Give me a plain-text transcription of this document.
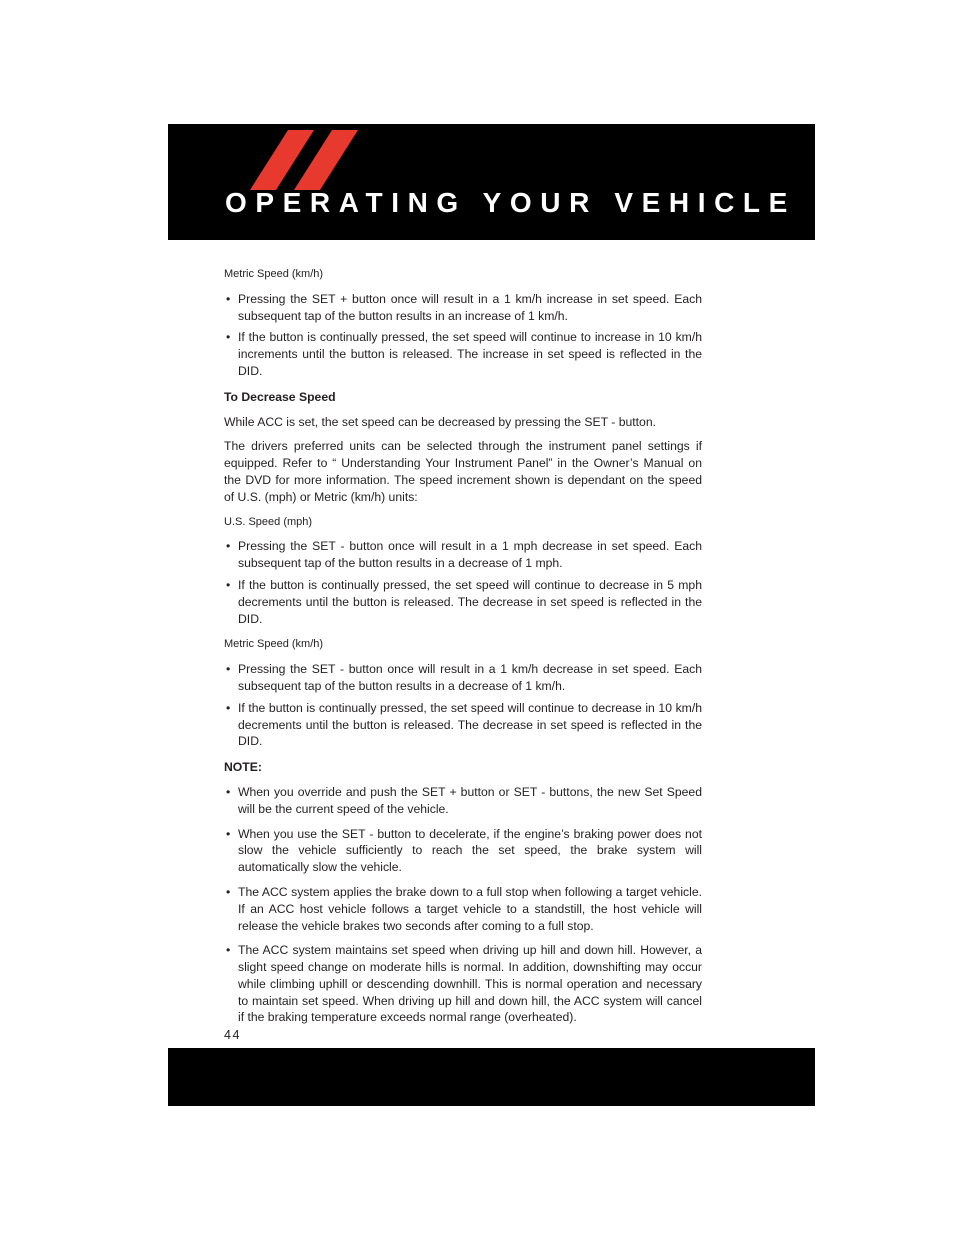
OPERATING YOUR VEHICLE
Metric Speed (km/h)
• Pressing the SET + button once will result in a 1 km/h increase in set speed. Each subsequent tap of the button results in an increase of 1 km/h.
• If the button is continually pressed, the set speed will continue to increase in 10 km/h increments until the button is released. The increase in set speed is reflected in the DID.
To Decrease Speed

While ACC is set, the set speed can be decreased by pressing the SET - button.

The drivers preferred units can be selected through the instrument panel settings if equipped. Refer to “ Understanding Your Instrument Panel” in the Owner’s Manual on the DVD for more information. The speed increment shown is dependant on the speed of U.S. (mph) or Metric (km/h) units:

U.S. Speed (mph)
• Pressing the SET - button once will result in a 1 mph decrease in set speed. Each subsequent tap of the button results in a decrease of 1 mph.
• If the button is continually pressed, the set speed will continue to decrease in 5 mph decrements until the button is released. The decrease in set speed is reflected in the DID.
Metric Speed (km/h)
• Pressing the SET - button once will result in a 1 km/h decrease in set speed. Each subsequent tap of the button results in a decrease of 1 km/h.
• If the button is continually pressed, the set speed will continue to decrease in 10 km/h decrements until the button is released. The decrease in set speed is reflected in the DID.
NOTE:
• When you override and push the SET + button or SET - buttons, the new Set Speed will be the current speed of the vehicle.
• When you use the SET - button to decelerate, if the engine’s braking power does not slow the vehicle sufficiently to reach the set speed, the brake system will automatically slow the vehicle.
• The ACC system applies the brake down to a full stop when following a target vehicle. If an ACC host vehicle follows a target vehicle to a standstill, the host vehicle will release the vehicle brakes two seconds after coming to a full stop.
• The ACC system maintains set speed when driving up hill and down hill. However, a slight speed change on moderate hills is normal. In addition, downshifting may occur while climbing uphill or descending downhill. This is normal operation and necessary to maintain set speed. When driving up hill and down hill, the ACC system will cancel if the braking temperature exceeds normal range (overheated).
44
